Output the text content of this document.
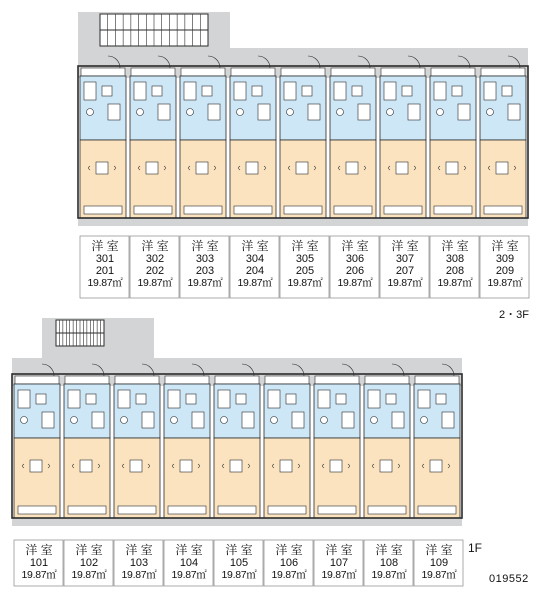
洋 室
301
201
19.87㎡
洋 室
302
202
19.87㎡
洋 室
303
203
19.87㎡
洋 室
304
204
19.87㎡
洋 室
305
205
19.87㎡
洋 室
306
206
19.87㎡
洋 室
307
207
19.87㎡
洋 室
308
208
19.87㎡
洋 室
309
209
19.87㎡
洋 室
101
19.87㎡
洋 室
102
19.87㎡
洋 室
103
19.87㎡
洋 室
104
19.87㎡
洋 室
105
19.87㎡
洋 室
106
19.87㎡
洋 室
107
19.87㎡
洋 室
108
19.87㎡
洋 室
109
19.87㎡
2・3F
1F
019552
